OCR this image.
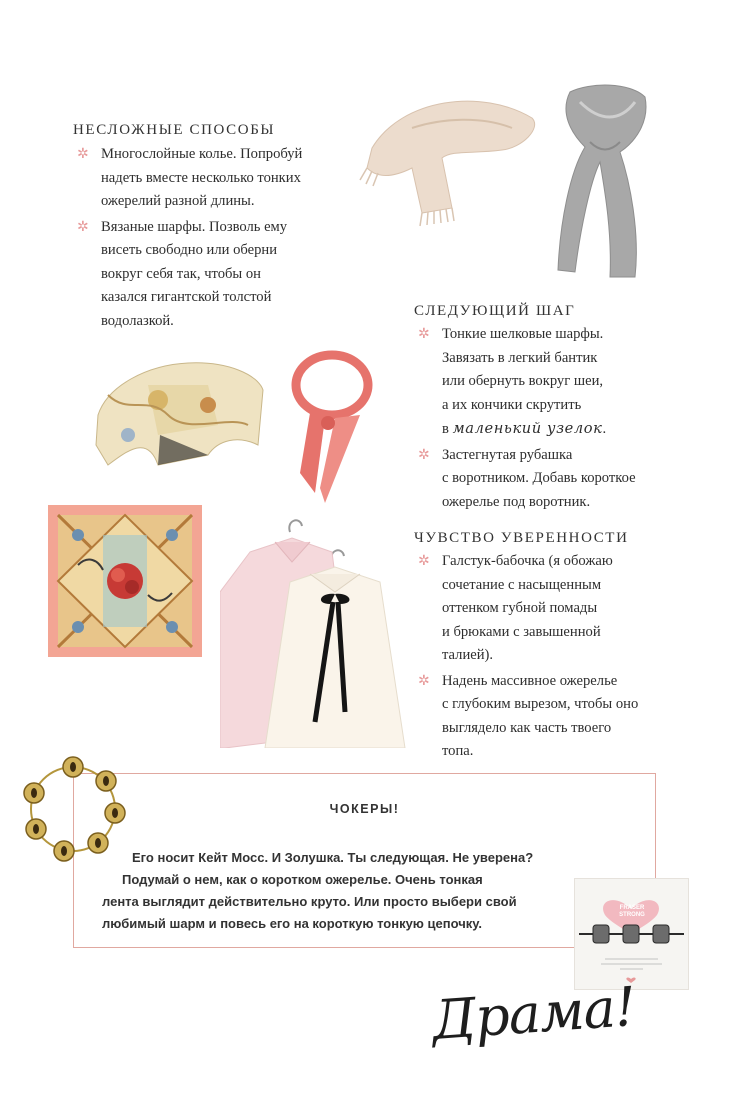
НЕСЛОЖНЫЕ СПОСОБЫ
✲ Многослойные колье. Попробуй
надеть вместе несколько тонких
ожерелий разной длины.
✲ Вязаные шарфы. Позволь ему
висеть свободно или оберни
вокруг себя так, чтобы он
казался гигантской толстой
водолазкой.
СЛЕДУЮЩИЙ ШАГ
✲ Тонкие шелковые шарфы.
Завязать в легкий бантик
или обернуть вокруг шеи,
а их кончики скрутить
в маленький узелок.
✲ Застегнутая рубашка
с воротником. Добавь короткое
ожерелье под воротник.
ЧУВСТВО УВЕРЕННОСТИ
✲ Галстук-бабочка (я обожаю
сочетание с насыщенным
оттенком губной помады
и брюками с завышенной
талией).
✲ Надень массивное ожерелье
с глубоким вырезом, чтобы оно
выглядело как часть твоего
топа.
ЧОКЕРЫ!
Его носит Кейт Мосс. И Золушка. Ты следующая. Не уверена?
Подумай о нем, как о коротком ожерелье. Очень тонкая
лента выглядит действительно круто. Или просто выбери свой
любимый шарм и повесь его на короткую тонкую цепочку.
FRASER STRONG
Драма!
